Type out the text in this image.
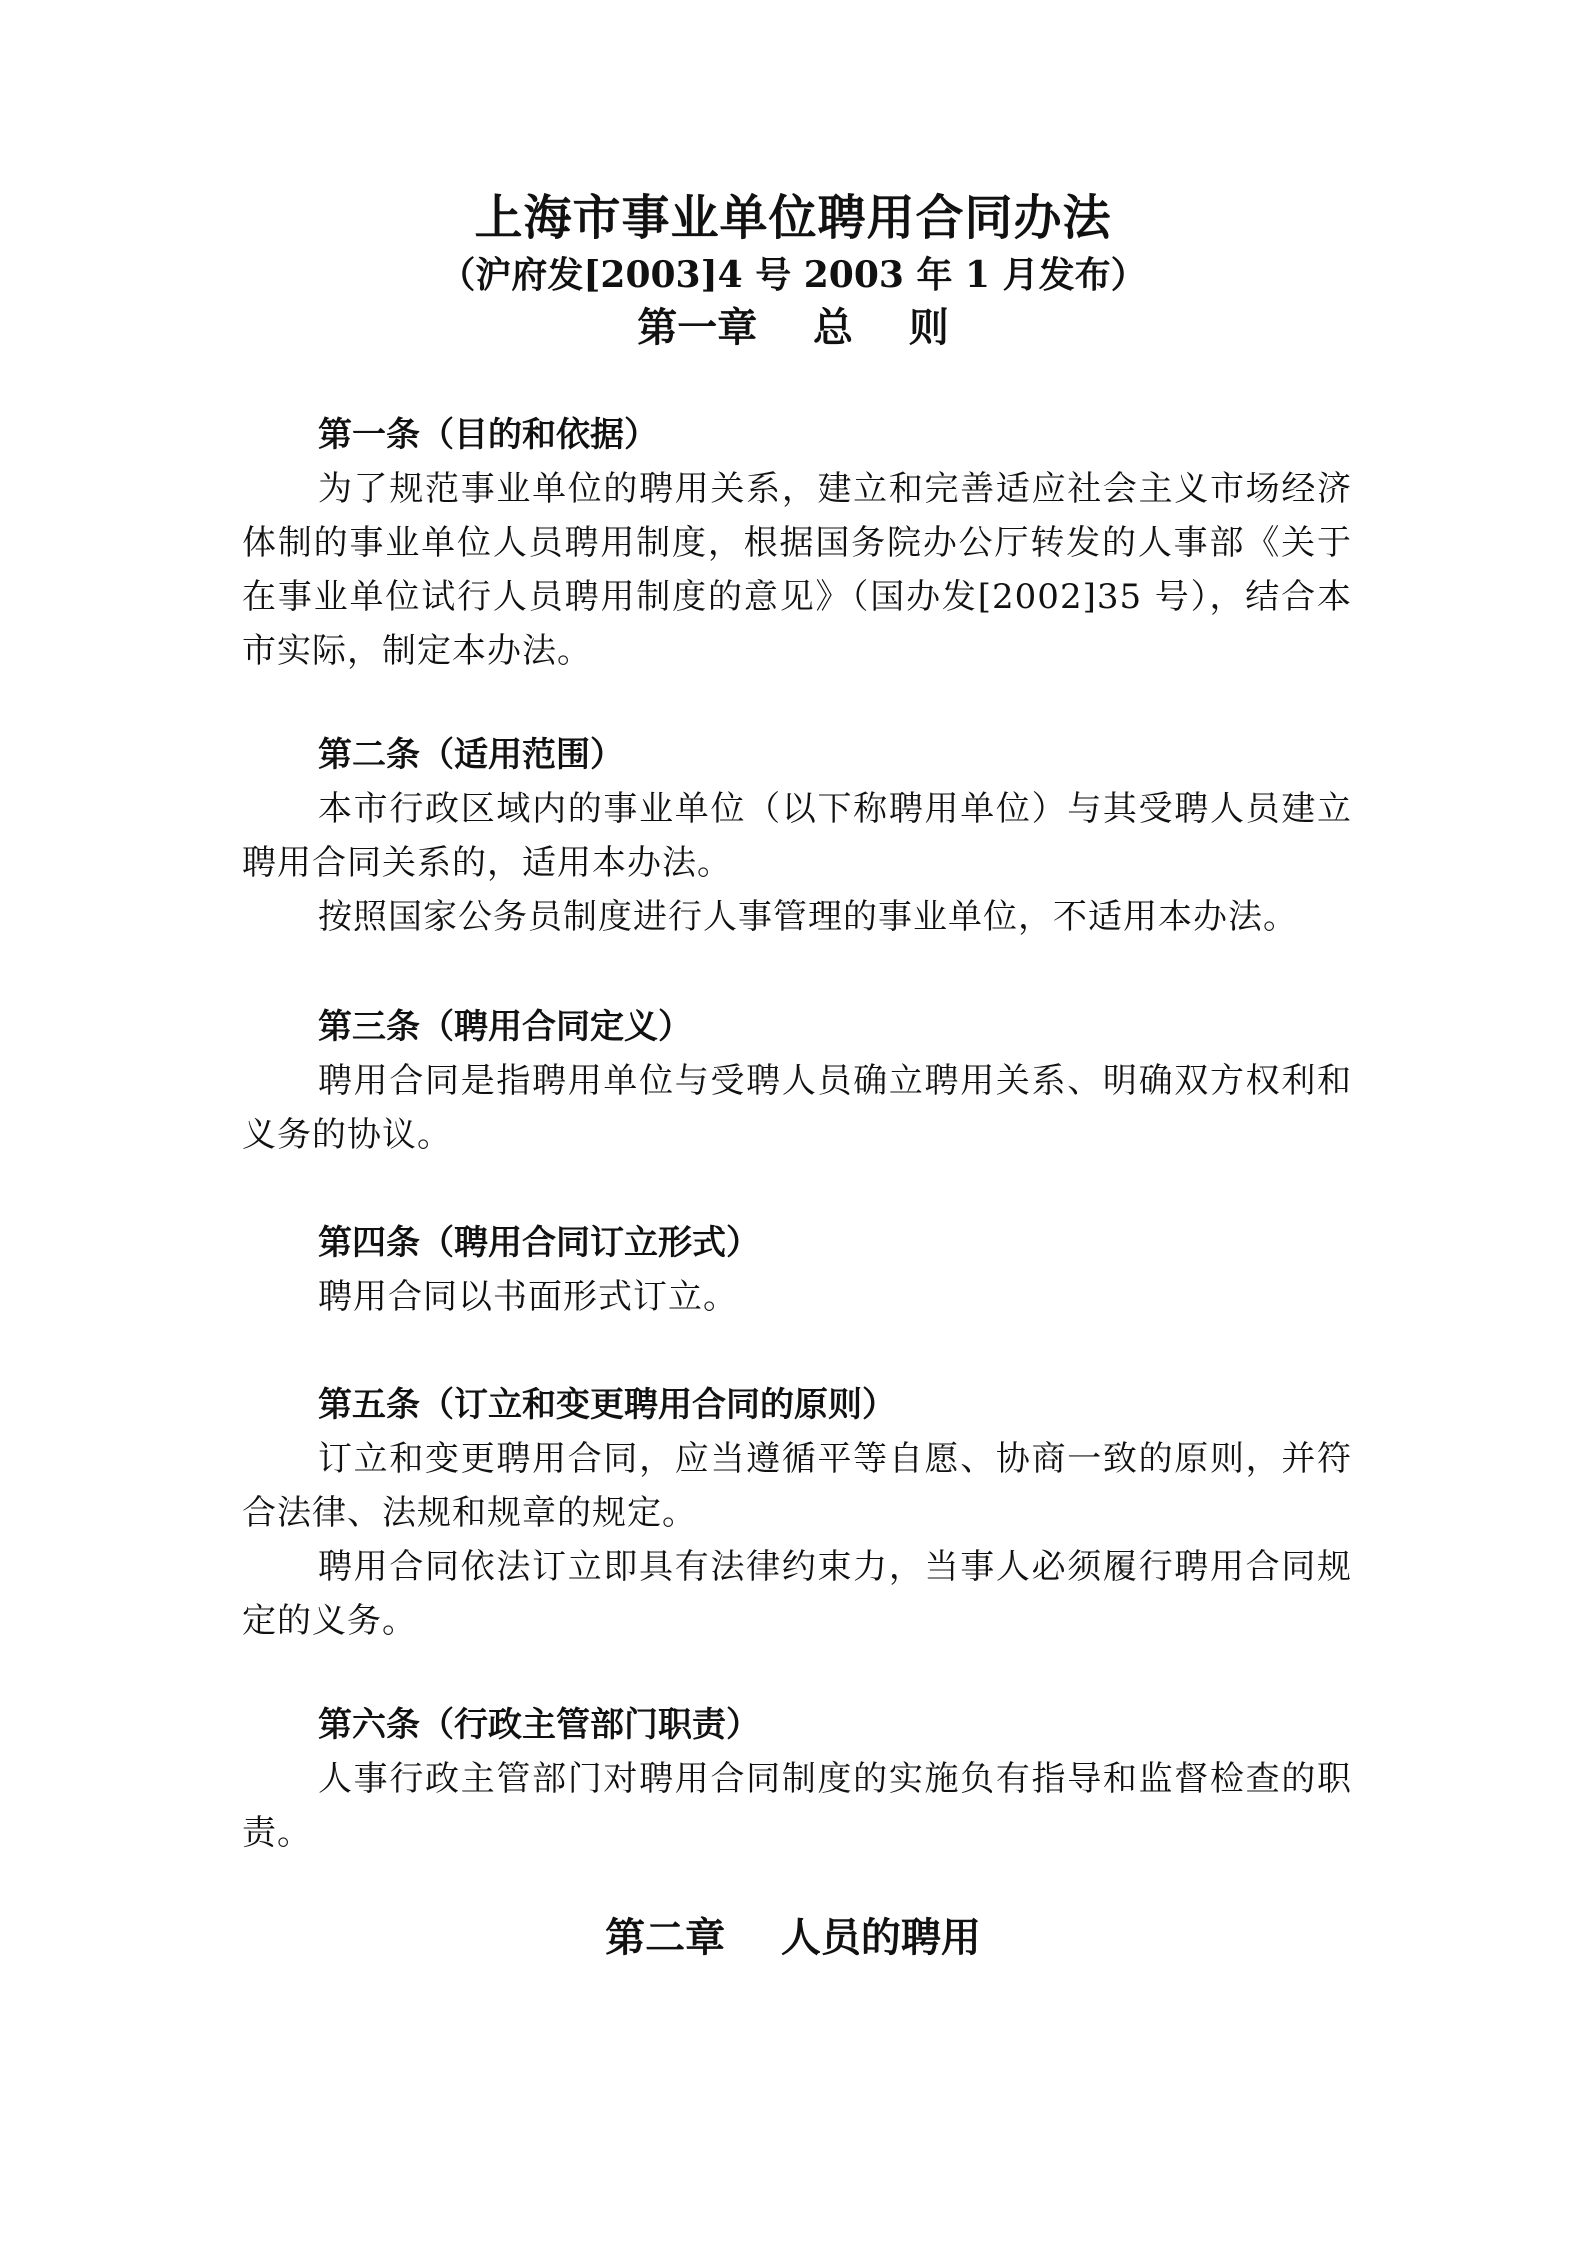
上海市事业单位聘用合同办法
（沪府发[2003]4 号 2003 年 1 月发布）
第一章    总    则
第一条（目的和依据）
为了规范事业单位的聘用关系，建立和完善适应社会主义市场经济体制的事业单位人员聘用制度，根据国务院办公厅转发的人事部《关于在事业单位试行人员聘用制度的意见》（国办发[2002]35 号），结合本市实际，制定本办法。
第二条（适用范围）
本市行政区域内的事业单位（以下称聘用单位）与其受聘人员建立聘用合同关系的，适用本办法。
按照国家公务员制度进行人事管理的事业单位，不适用本办法。
第三条（聘用合同定义）
聘用合同是指聘用单位与受聘人员确立聘用关系、明确双方权利和义务的协议。
第四条（聘用合同订立形式）
聘用合同以书面形式订立。
第五条（订立和变更聘用合同的原则）
订立和变更聘用合同，应当遵循平等自愿、协商一致的原则，并符合法律、法规和规章的规定。
聘用合同依法订立即具有法律约束力，当事人必须履行聘用合同规定的义务。
第六条（行政主管部门职责）
人事行政主管部门对聘用合同制度的实施负有指导和监督检查的职责。
第二章    人员的聘用
